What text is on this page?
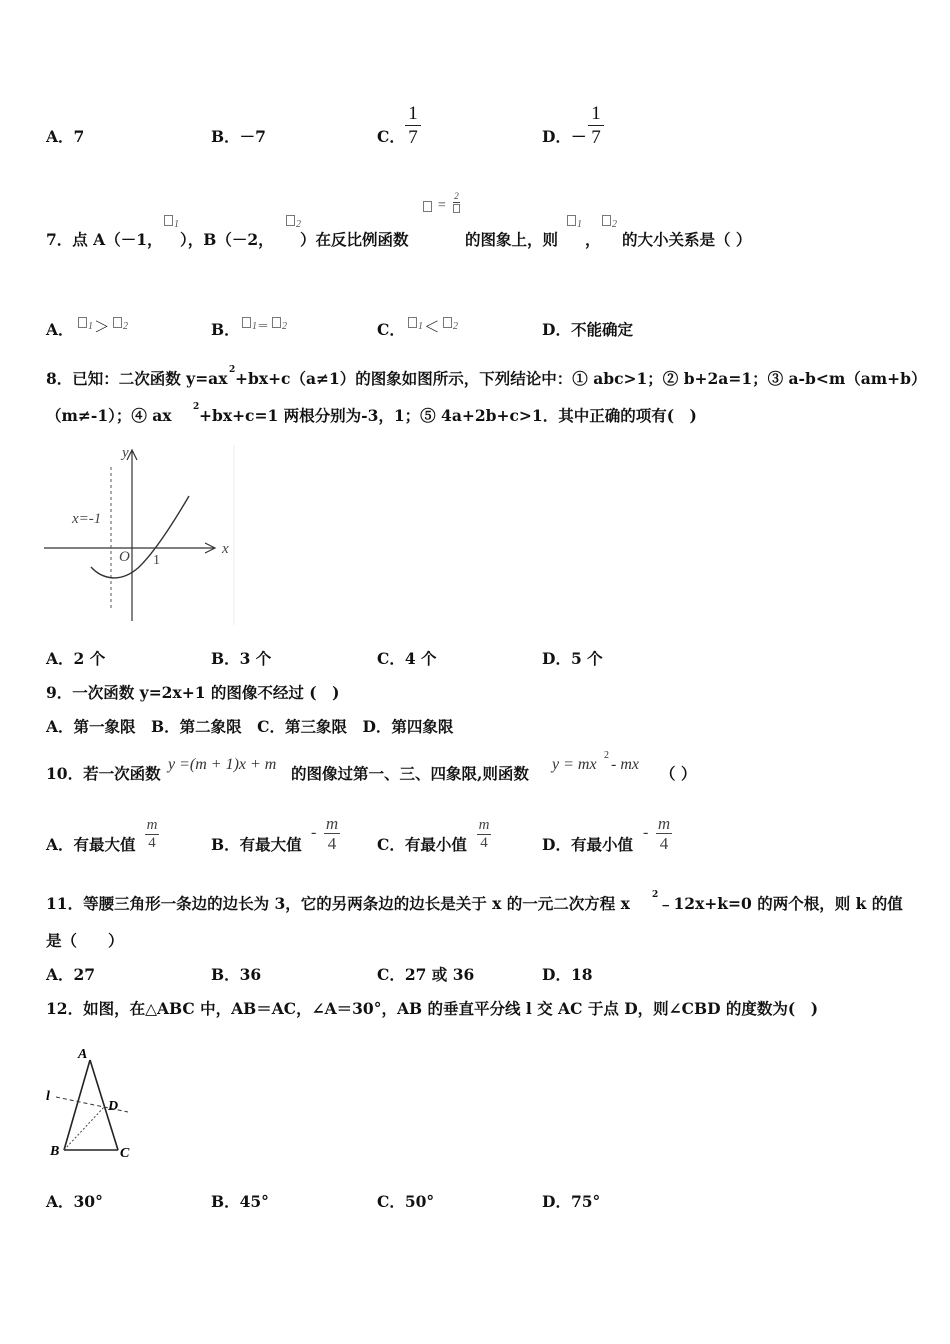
A．7	B．－7	C．
1
7	D．－
1
7
7．点 A（－1，
1
），B（－2，
2
）在反比例函数
=
2
的图象上，则
1
，
2
的大小关系是（ ）
A． 1 ＞ 2	B． 1 ＝ 2	C． 1 ＜ 2	D．不能确定
8．已知：二次函数 y=ax 2 +bx+c（a≠1）的图象如图所示，下列结论中：① abc>1；② b+2a=1；③ a-b<m（am+b）
（m≠-1）；④ ax 2 +bx+c=1 两根分别为-3，1；⑤ 4a+2b+c>1．其中正确的项有(　)
y
x
x=-1
O 1
A．2 个	B．3 个	C．4 个	D．5 个
9．一次函数 y=2x+1 的图像不经过 (　)
A．第一象限　B．第二象限　C．第三象限　D．第四象限
10．若一次函数 y =(m + 1)x + m 的图像过第一、三、四象限,则函数 y = mx
2
- mx （ ）
A．有最大值
m
4	B．有最大值
- m
4	C．有最小值
m
4	D．有最小值
- m
4
11．等腰三角形一条边的边长为 3，它的另两条边的边长是关于 x 的一元二次方程 x 2 ﹣12x+k=0 的两个根，则 k 的值
是（　　）
A．27	B．36	C．27 或 36	D．18
12．如图，在△ABC 中，AB＝AC，∠A＝30°，AB 的垂直平分线 l 交 AC 于点 D，则∠CBD 的度数为(　)
A
B	C
D
l
A．30°	B．45°	C．50°	D．75°
